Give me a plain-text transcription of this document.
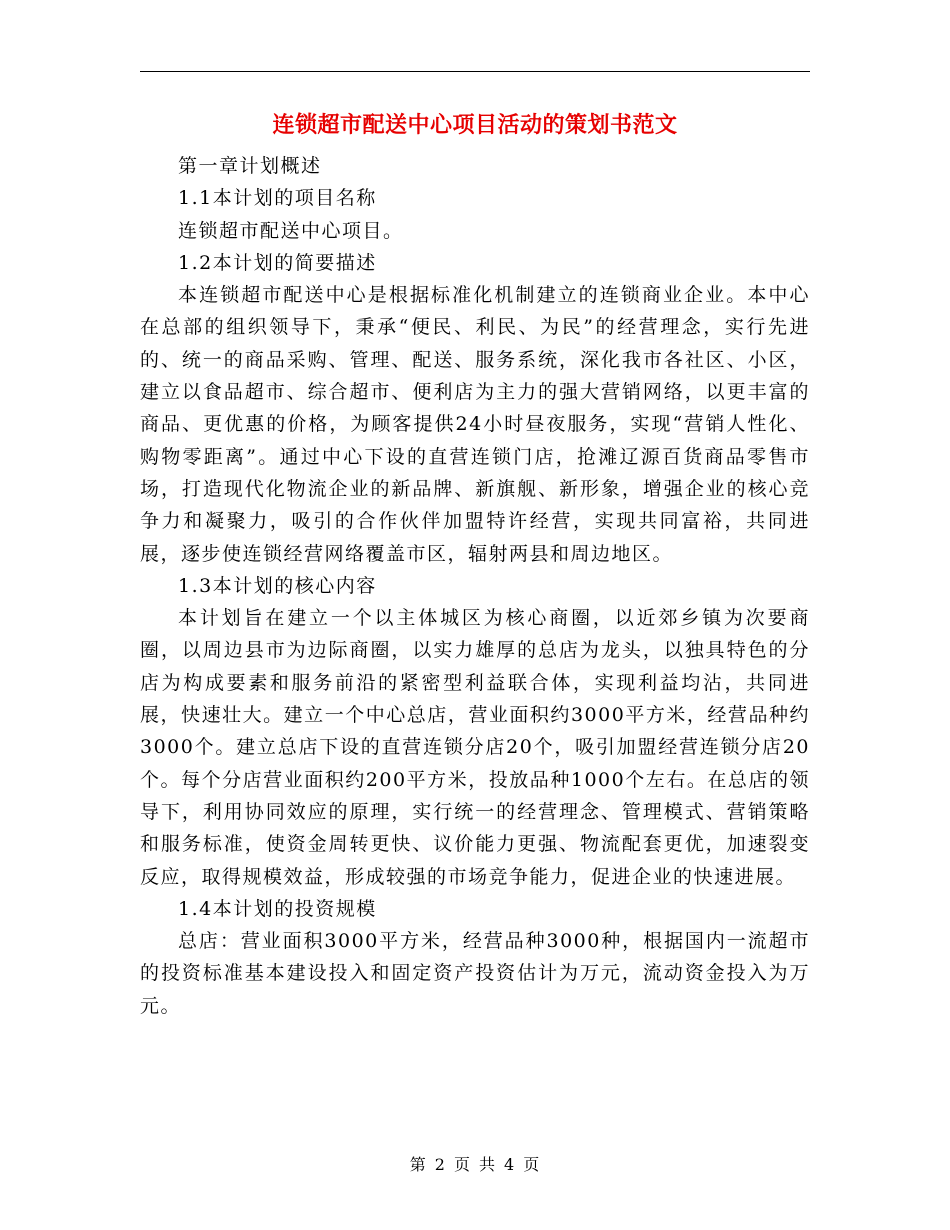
连锁超市配送中心项目活动的策划书范文

第一章计划概述

1.1本计划的项目名称

连锁超市配送中心项目。

1.2本计划的简要描述

本连锁超市配送中心是根据标准化机制建立的连锁商业企业。本中心在总部的组织领导下，秉承“便民、利民、为民”的经营理念，实行先进的、统一的商品采购、管理、配送、服务系统，深化我市各社区、小区，建立以食品超市、综合超市、便利店为主力的强大营销网络，以更丰富的商品、更优惠的价格，为顾客提供24小时昼夜服务，实现“营销人性化、购物零距离”。通过中心下设的直营连锁门店，抢滩辽源百货商品零售市场，打造现代化物流企业的新品牌、新旗舰、新形象，增强企业的核心竞争力和凝聚力，吸引的合作伙伴加盟特许经营，实现共同富裕，共同进展，逐步使连锁经营网络覆盖市区，辐射两县和周边地区。

1.3本计划的核心内容

本计划旨在建立一个以主体城区为核心商圈，以近郊乡镇为次要商圈，以周边县市为边际商圈，以实力雄厚的总店为龙头，以独具特色的分店为构成要素和服务前沿的紧密型利益联合体，实现利益均沾，共同进展，快速壮大。建立一个中心总店，营业面积约3000平方米，经营品种约3000个。建立总店下设的直营连锁分店20个，吸引加盟经营连锁分店20个。每个分店营业面积约200平方米，投放品种1000个左右。在总店的领导下，利用协同效应的原理，实行统一的经营理念、管理模式、营销策略和服务标准，使资金周转更快、议价能力更强、物流配套更优，加速裂变反应，取得规模效益，形成较强的市场竞争能力，促进企业的快速进展。

1.4本计划的投资规模

总店：营业面积3000平方米，经营品种3000种，根据国内一流超市的投资标准基本建设投入和固定资产投资估计为万元，流动资金投入为万元。

第 2 页 共 4 页
